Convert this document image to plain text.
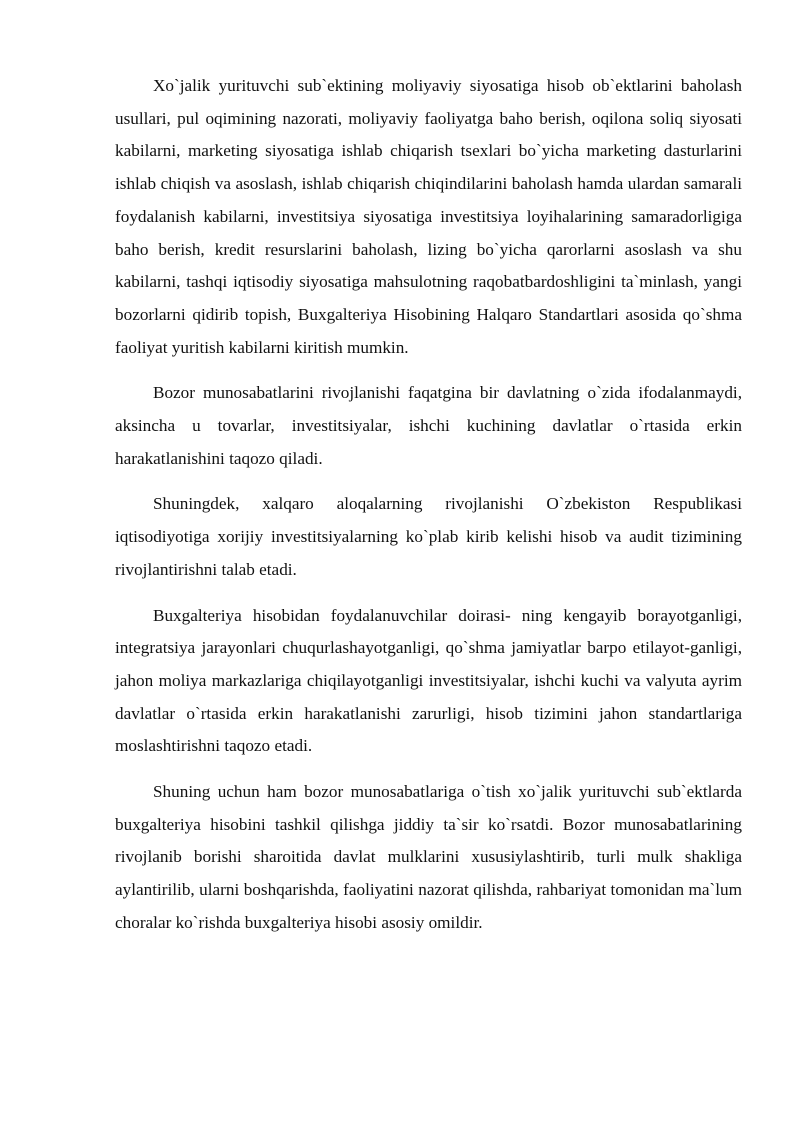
Xo`jalik yurituvchi sub`ektining moliyaviy siyosatiga hisob ob`ektlarini baholash usullari, pul oqimining nazorati, moliyaviy faoliyatga baho berish, oqilona soliq siyosati kabilarni, marketing siyosatiga ishlab chiqarish tsexlari bo`yicha marketing dasturlarini ishlab chiqish va asoslash, ishlab chiqarish chiqindilarini baholash hamda ulardan samarali foydalanish kabilarni, investitsiya siyosatiga investitsiya loyihalarining samaradorligiga baho berish, kredit resurslarini baholash, lizing bo`yicha qarorlarni asoslash va shu kabilarni, tashqi iqtisodiy siyosatiga mahsulotning raqobatbardoshligini ta`minlash, yangi bozorlarni qidirib topish, Buxgalteriya Hisobining Halqaro Standartlari asosida qo`shma faoliyat yuritish kabilarni kiritish mumkin.

Bozor munosabatlarini rivojlanishi faqatgina bir davlatning o`zida ifodalanmaydi, aksincha u tovarlar, investitsiyalar, ishchi kuchining davlatlar o`rtasida erkin harakatlanishini taqozo qiladi.

Shuningdek, xalqaro aloqalarning rivojlanishi O`zbekiston Respublikasi iqtisodiyotiga xorijiy investitsiyalarning ko`plab kirib kelishi hisob va audit tizimining rivojlantirishni talab etadi.

Buxgalteriya hisobidan foydalanuvchilar doirasi- ning kengayib borayotganligi, integratsiya jarayonlari chuqurlashayotganligi, qo`shma jamiyatlar barpo etilayot-ganligi, jahon moliya markazlariga chiqilayotganligi investitsiyalar, ishchi kuchi va valyuta ayrim davlatlar o`rtasida erkin harakatlanishi zarurligi, hisob tizimini jahon standartlariga moslashtirishni taqozo etadi.

Shuning uchun ham bozor munosabatlariga o`tish xo`jalik yurituvchi sub`ektlarda buxgalteriya hisobini tashkil qilishga jiddiy ta`sir ko`rsatdi. Bozor munosabatlarining rivojlanib borishi sharoitida davlat mulklarini xususiylashtirib, turli mulk shakliga aylantirilib, ularni boshqarishda, faoliyatini nazorat qilishda, rahbariyat tomonidan ma`lum choralar ko`rishda buxgalteriya hisobi asosiy omildir.
